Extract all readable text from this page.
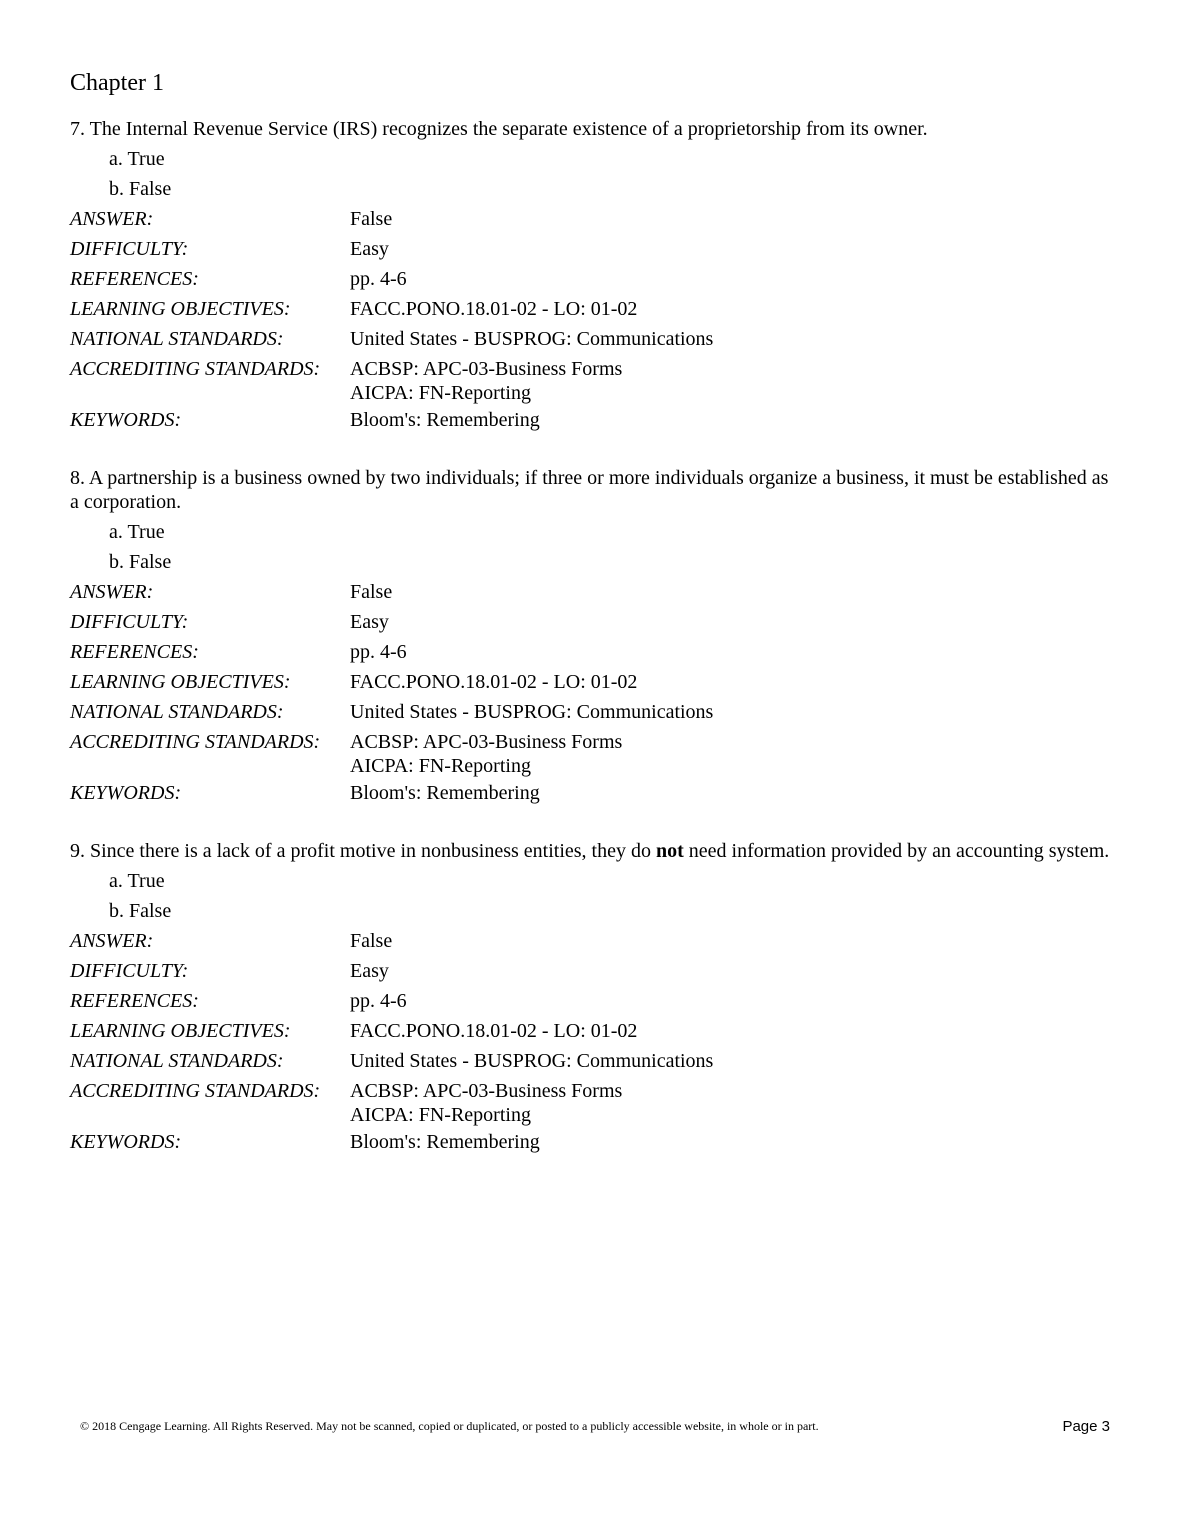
Chapter 1

7. The Internal Revenue Service (IRS) recognizes the separate existence of a proprietorship from its owner.

a. True
b. False
ANSWER:	False
DIFFICULTY:	Easy
REFERENCES:	pp. 4-6
LEARNING OBJECTIVES:	FACC.PONO.18.01-02 - LO: 01-02
NATIONAL STANDARDS:	United States - BUSPROG: Communications
ACCREDITING STANDARDS:	ACBSP: APC-03-Business Forms
AICPA: FN-Reporting
KEYWORDS:	Bloom's: Remembering

8. A partnership is a business owned by two individuals; if three or more individuals organize a business, it must be established as a corporation.

a. True
b. False
ANSWER:	False
DIFFICULTY:	Easy
REFERENCES:	pp. 4-6
LEARNING OBJECTIVES:	FACC.PONO.18.01-02 - LO: 01-02
NATIONAL STANDARDS:	United States - BUSPROG: Communications
ACCREDITING STANDARDS:	ACBSP: APC-03-Business Forms
AICPA: FN-Reporting
KEYWORDS:	Bloom's: Remembering

9. Since there is a lack of a profit motive in nonbusiness entities, they do not need information provided by an accounting system.

a. True
b. False
ANSWER:	False
DIFFICULTY:	Easy
REFERENCES:	pp. 4-6
LEARNING OBJECTIVES:	FACC.PONO.18.01-02 - LO: 01-02
NATIONAL STANDARDS:	United States - BUSPROG: Communications
ACCREDITING STANDARDS:	ACBSP: APC-03-Business Forms
AICPA: FN-Reporting
KEYWORDS:	Bloom's: Remembering
© 2018 Cengage Learning. All Rights Reserved. May not be scanned, copied or duplicated, or posted to a publicly accessible website, in whole or in part.	Page 3
